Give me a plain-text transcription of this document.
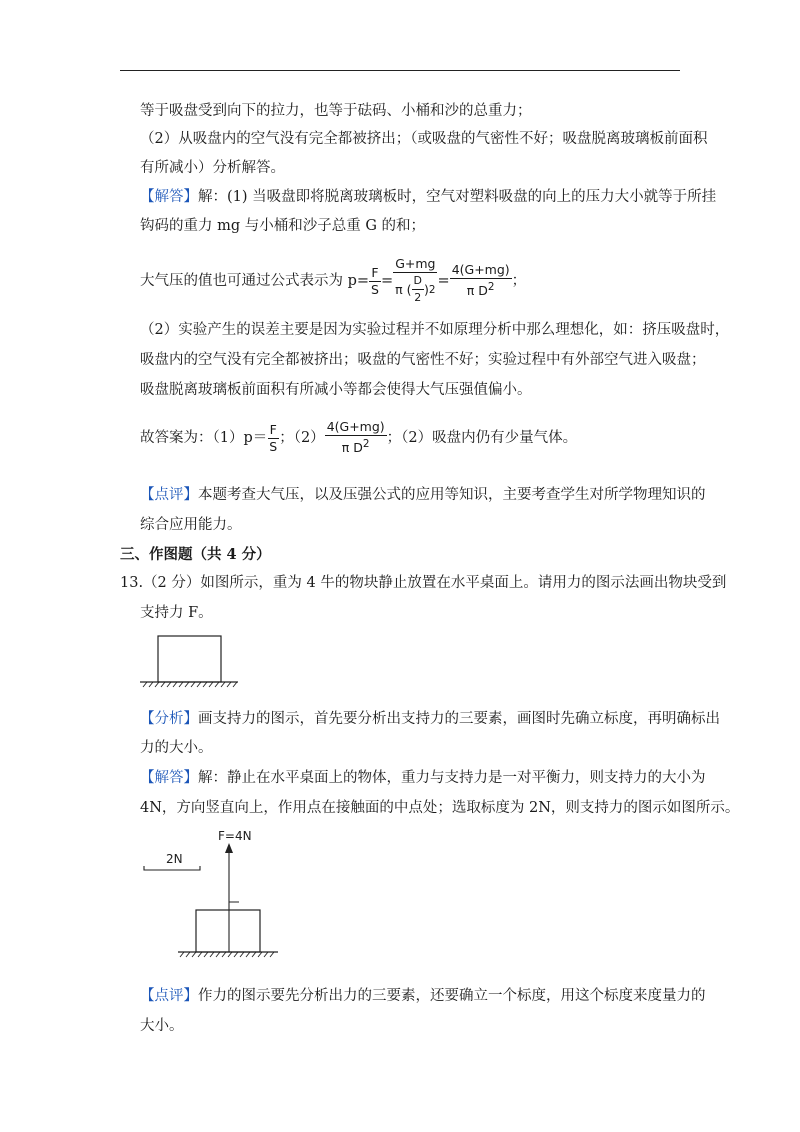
等于吸盘受到向下的拉力，也等于砝码、小桶和沙的总重力；
（2）从吸盘内的空气没有完全都被挤出；（或吸盘的气密性不好；吸盘脱离玻璃板前面积
有所减小）分析解答。
【解答】解：(1) 当吸盘即将脱离玻璃板时，空气对塑料吸盘的向上的压力大小就等于所挂
钩码的重力 mg 与小桶和沙子总重 G 的和；
大气压的值也可通过公式表示为 $p= \frac{F}{S} = \frac{G+mg}{\pi ( \frac{D}{2} ) 2} = \frac{4(G+mg)}{\pi D^2}$ ；
（2）实验产生的误差主要是因为实验过程并不如原理分析中那么理想化，如：挤压吸盘时，
吸盘内的空气没有完全都被挤出；吸盘的气密性不好；实验过程中有外部空气进入吸盘；
吸盘脱离玻璃板前面积有所减小等都会使得大气压强值偏小。
故答案为：$(1)p= \frac{F}{S}$ ；$(2) \frac{4(G+mg)}{\pi D^2}$ ；（2）吸盘内仍有少量气体。
【点评】本题考查大气压，以及压强公式的应用等知识，主要考查学生对所学物理知识的
综合应用能力。
三、作图题（共 4 分）
13.（2 分）如图所示，重为 4 牛的物块静止放置在水平桌面上。请用力的图示法画出物块受到
支持力 F。
【分析】画支持力的图示，首先要分析出支持力的三要素，画图时先确立标度，再明确标出
力的大小。
【解答】解：静止在水平桌面上的物体，重力与支持力是一对平衡力，则支持力的大小为
4N，方向竖直向上，作用点在接触面的中点处；选取标度为 2N，则支持力的图示如图所示。
2N
F=4N
【点评】作力的图示要先分析出力的三要素，还要确立一个标度，用这个标度来度量力的
大小。
